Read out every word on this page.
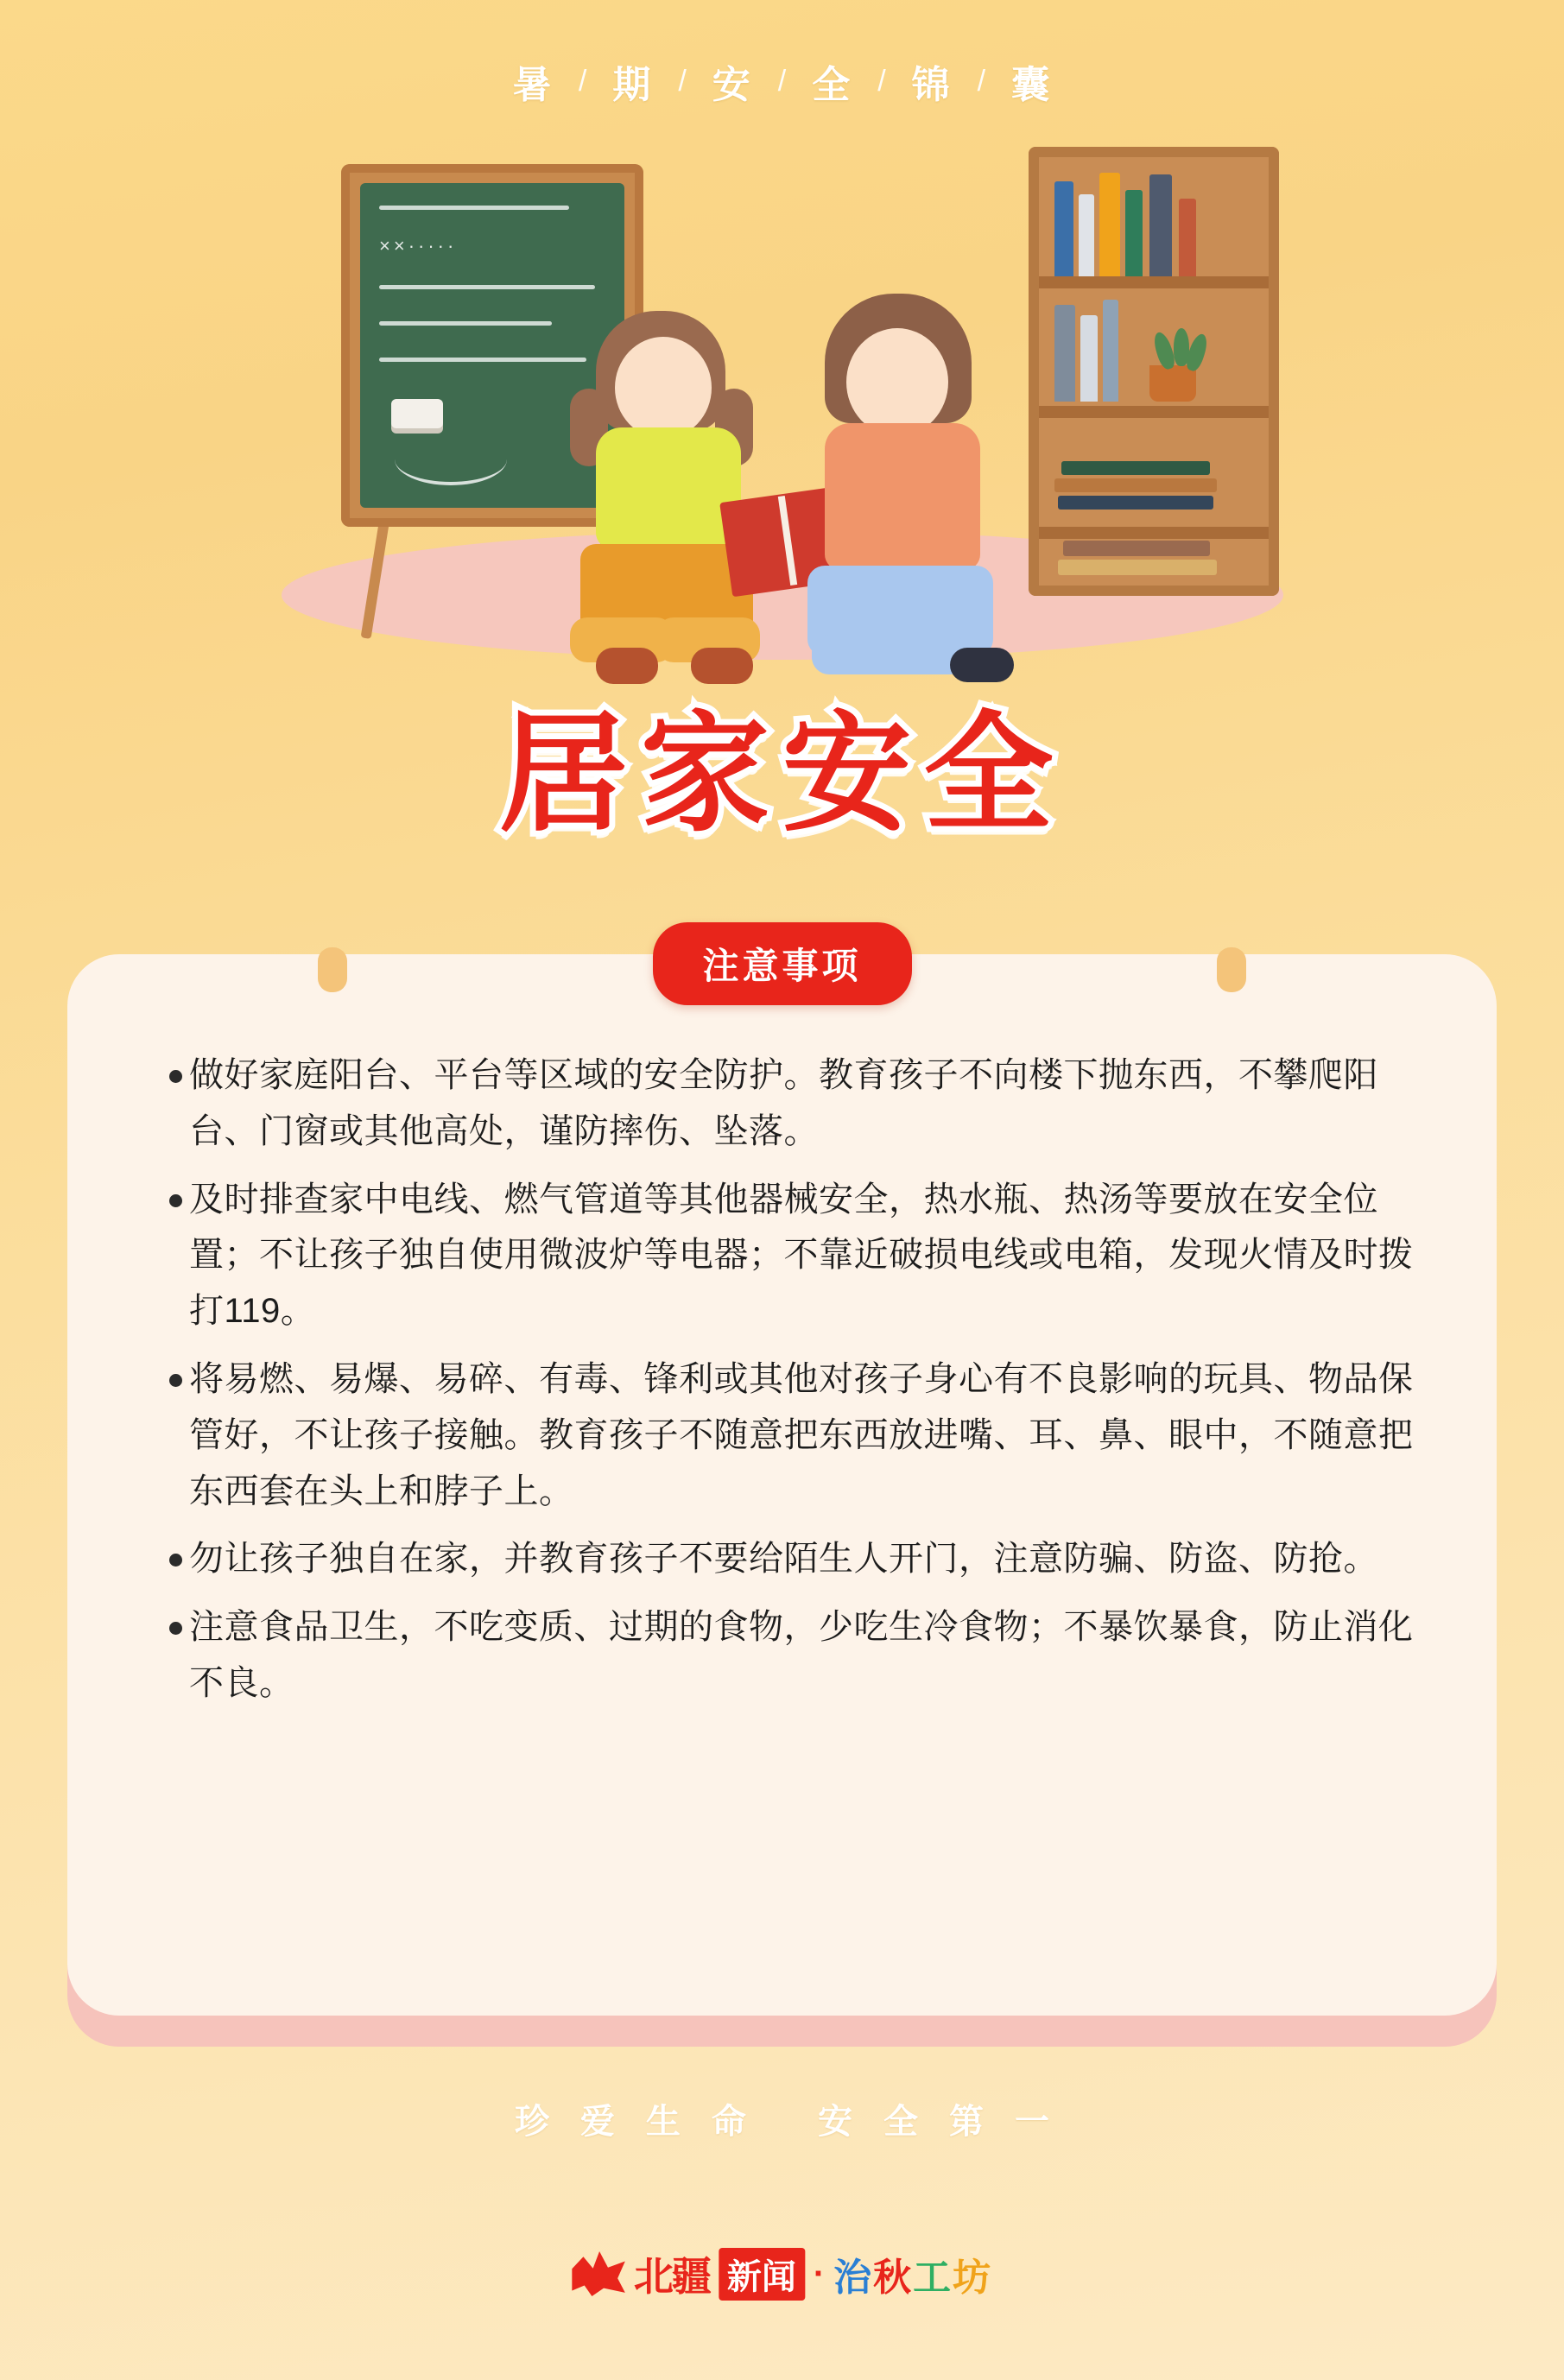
暑 / 期 / 安 / 全 / 锦 / 囊
××·····
居家安全
注意事项

做好家庭阳台、平台等区域的安全防护。教育孩子不向楼下抛东西，不攀爬阳台、门窗或其他高处，谨防摔伤、坠落。

及时排查家中电线、燃气管道等其他器械安全，热水瓶、热汤等要放在安全位置；不让孩子独自使用微波炉等电器；不靠近破损电线或电箱，发现火情及时拨打119。

将易燃、易爆、易碎、有毒、锋利或其他对孩子身心有不良影响的玩具、物品保管好，不让孩子接触。教育孩子不随意把东西放进嘴、耳、鼻、眼中，不随意把东西套在头上和脖子上。

勿让孩子独自在家，并教育孩子不要给陌生人开门，注意防骗、防盗、防抢。

注意食品卫生，不吃变质、过期的食物，少吃生冷食物；不暴饮暴食，防止消化不良。

珍爱生命 安全第一
北疆 新闻 · 治秋工坊
